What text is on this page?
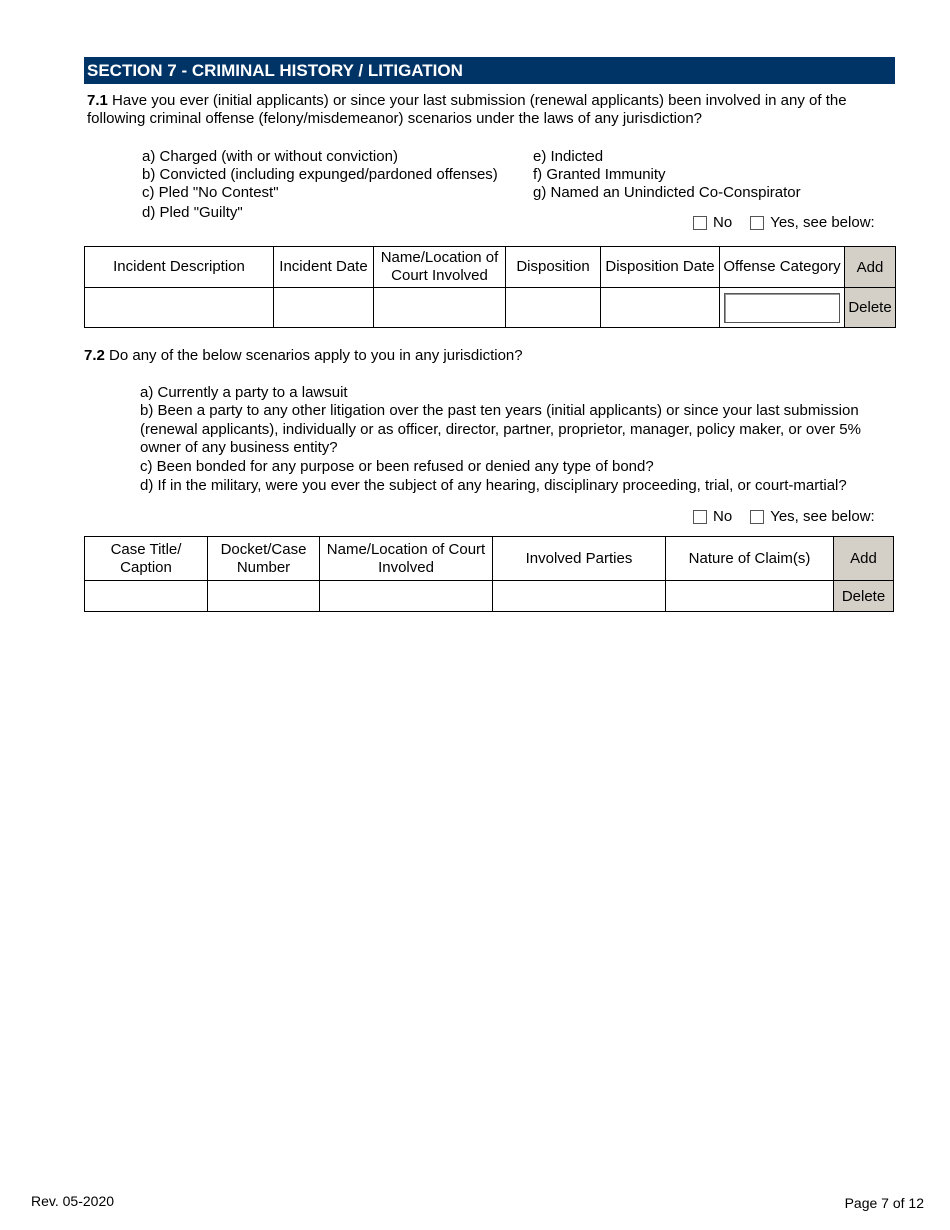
SECTION 7 - CRIMINAL HISTORY / LITIGATION
7.1 Have you ever (initial applicants) or since your last submission (renewal applicants) been involved in any of the following criminal offense (felony/misdemeanor) scenarios under the laws of any jurisdiction?
a) Charged (with or without conviction)
b) Convicted (including expunged/pardoned offenses)
c) Pled "No Contest"
d) Pled "Guilty"
e) Indicted
f) Granted Immunity
g) Named an Unindicted Co-Conspirator
No	Yes, see below:
Incident Description	Incident Date	Name/Location of Court Involved	Disposition	Disposition Date	Offense Category	Add

						Delete
7.2 Do any of the below scenarios apply to you in any jurisdiction?
a) Currently a party to a lawsuit
b) Been a party to any other litigation over the past ten years (initial applicants) or since your last submission (renewal applicants), individually or as officer, director, partner, proprietor, manager, policy maker, or over 5% owner of any business entity?
c) Been bonded for any purpose or been refused or denied any type of bond?
d) If in the military, were you ever the subject of any hearing, disciplinary proceeding, trial, or court-martial?
No	Yes, see below:
Case Title/ Caption	Docket/Case Number	Name/Location of Court Involved	Involved Parties	Nature of Claim(s)	Add

					Delete
Rev. 05-2020	Page 7 of 12
